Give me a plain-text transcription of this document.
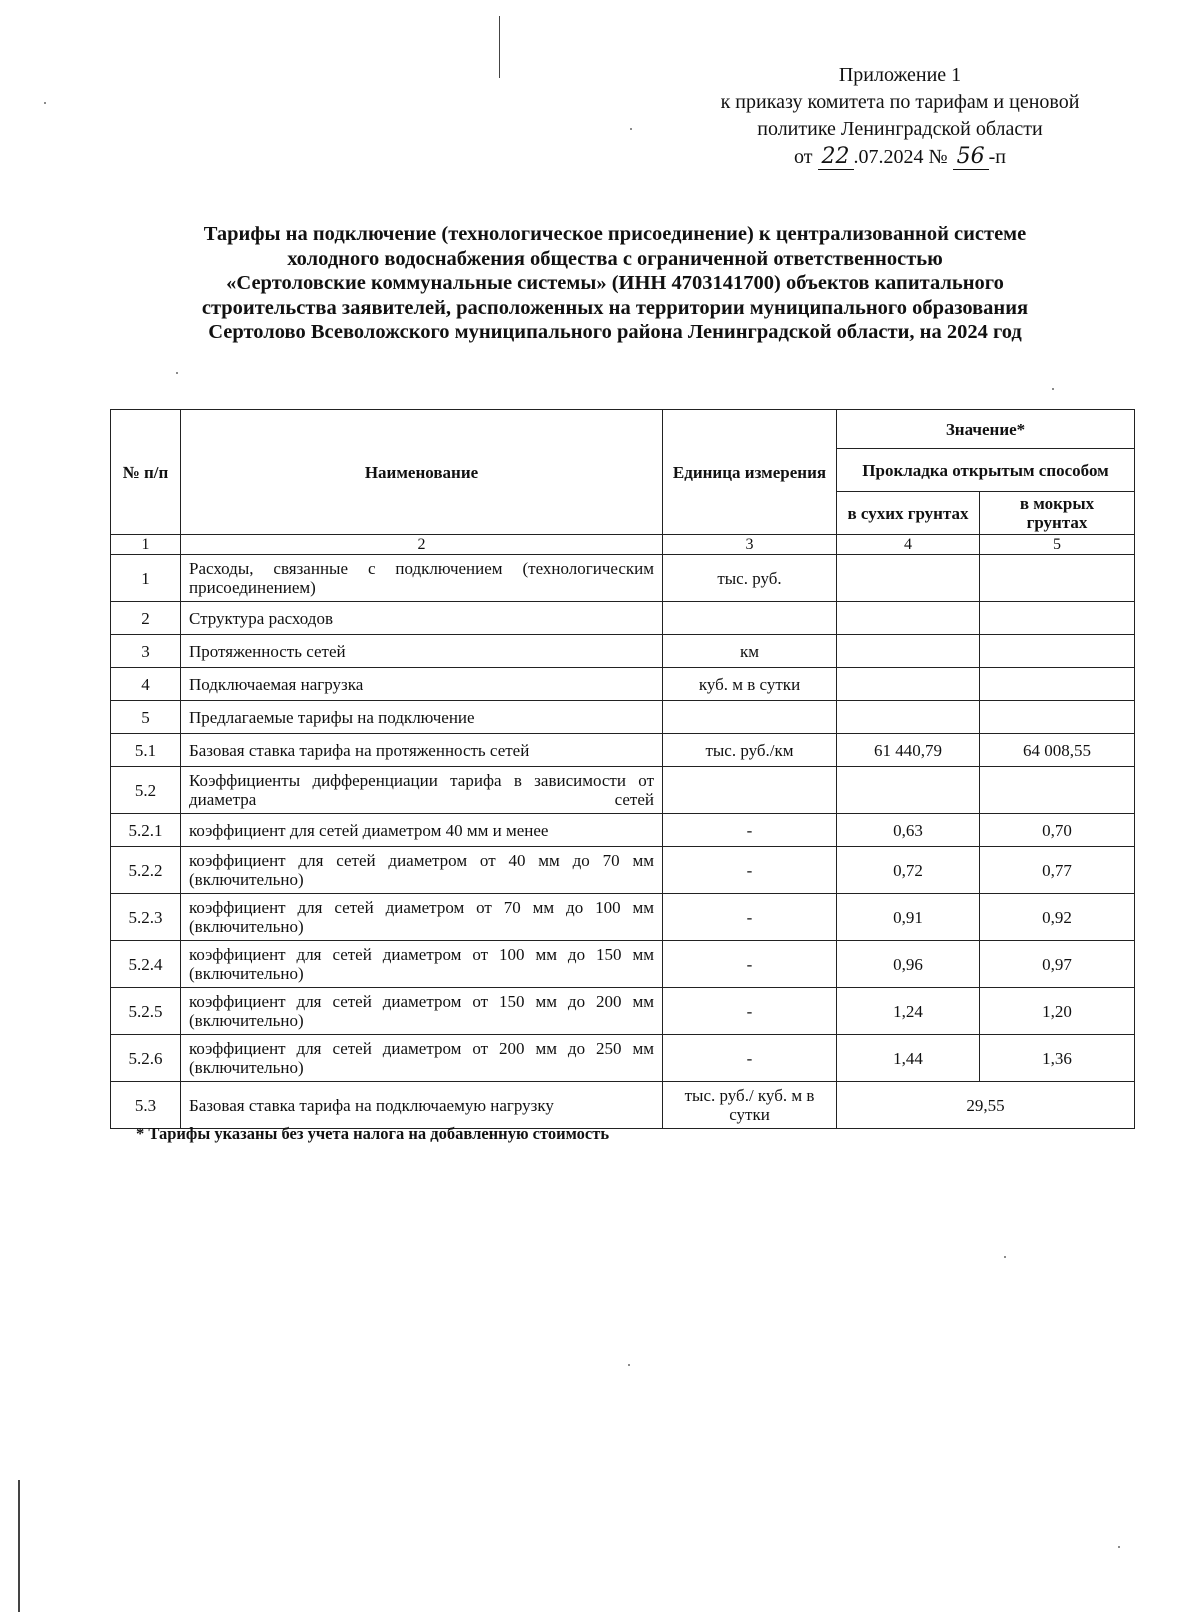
Приложение 1
к приказу комитета по тарифам и ценовой
политике Ленинградской области
от 22 .07.2024 № 56 -п
Тарифы на подключение (технологическое присоединение) к централизованной системе
холодного водоснабжения общества с ограниченной ответственностью
«Сертоловские коммунальные системы» (ИНН 4703141700) объектов капитального
строительства заявителей, расположенных на территории муниципального образования
Сертолово Всеволожского муниципального района Ленинградской области, на 2024 год
№ п/п	Наименование	Единица измерения	Значение*	
			Прокладка открытым способом	
			в сухих грунтах	в мокрых грунтах
1	2	3	4	5
1	Расходы, связанные с подключением (технологическим присоединением)	тыс. руб.		
2	Структура расходов			
3	Протяженность сетей	км		
4	Подключаемая нагрузка	куб. м в сутки		
5	Предлагаемые тарифы на подключение			
5.1	Базовая ставка тарифа на протяженность сетей	тыс. руб./км	61 440,79	64 008,55
5.2	Коэффициенты дифференциации тарифа в зависимости от диаметра сетей			
5.2.1	коэффициент для сетей диаметром 40 мм и менее	-	0,63	0,70
5.2.2	коэффициент для сетей диаметром от 40 мм до 70 мм (включительно)	-	0,72	0,77
5.2.3	коэффициент для сетей диаметром от 70 мм до 100 мм (включительно)	-	0,91	0,92
5.2.4	коэффициент для сетей диаметром от 100 мм до 150 мм (включительно)	-	0,96	0,97
5.2.5	коэффициент для сетей диаметром от 150 мм до 200 мм (включительно)	-	1,24	1,20
5.2.6	коэффициент для сетей диаметром от 200 мм до 250 мм (включительно)	-	1,44	1,36
5.3	Базовая ставка тарифа на подключаемую нагрузку	тыс. руб./ куб. м в сутки	29,55	
* Тарифы указаны без учета налога на добавленную стоимость
